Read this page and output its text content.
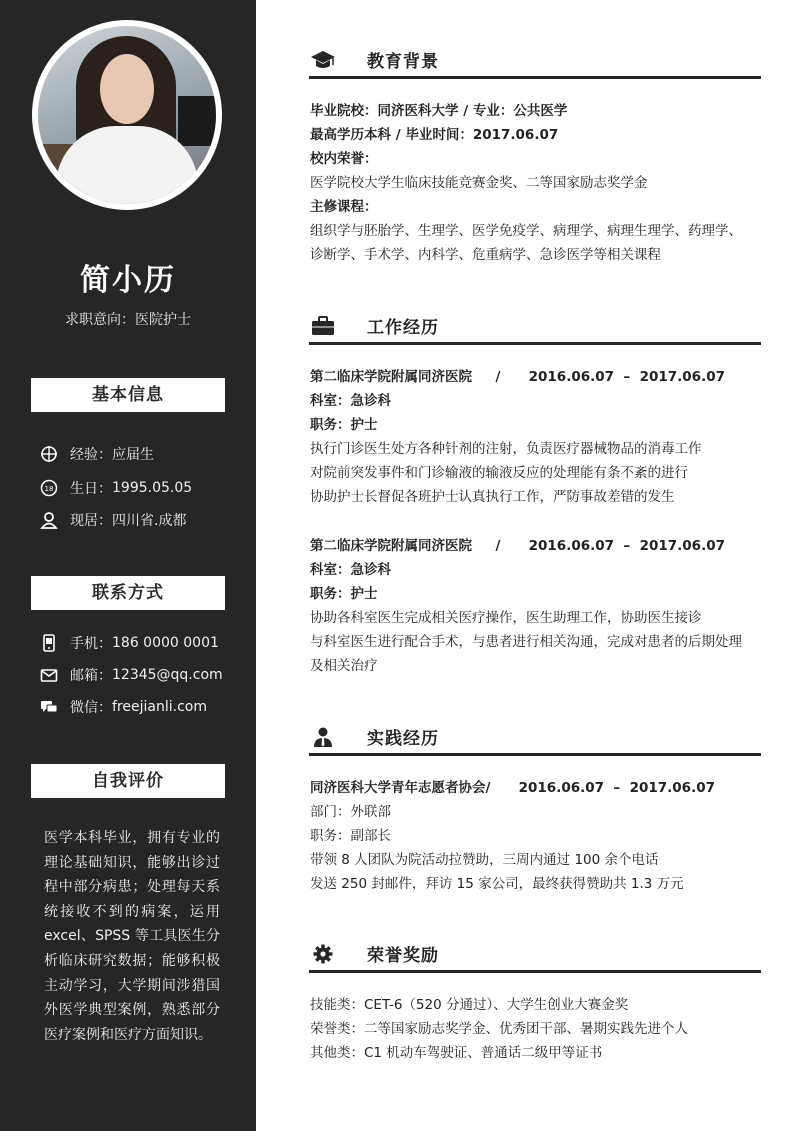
简小历
求职意向：医院护士
基本信息
经验： 应届生
18 生日： 1995.05.05
现居： 四川省.成都
联系方式
手机： 186 0000 0001
邮箱： 12345@qq.com
微信： freejianli.com
自我评价
医学本科毕业，拥有专业的理论基础知识，能够出诊过程中部分病患；处理每天系统接收不到的病案，运用excel、SPSS 等工具医生分析临床研究数据；能够积极主动学习，大学期间涉猎国外医学典型案例，熟悉部分医疗案例和医疗方面知识。
教育背景
毕业院校：同济医科大学 / 专业：公共医学
最高学历本科 / 毕业时间：2017.06.07
校内荣誉：
医学院校大学生临床技能竞赛金奖、二等国家励志奖学金
主修课程：
组织学与胚胎学、生理学、医学免疫学、病理学、病理生理学、药理学、
诊断学、手术学、内科学、危重病学、急诊医学等相关课程
工作经历
第二临床学院附属同济医院     /      2016.06.07  –  2017.06.07
科室：急诊科
职务：护士
执行门诊医生处方各种针剂的注射，负责医疗器械物品的消毒工作
对院前突发事件和门诊输液的输液反应的处理能有条不紊的进行
协助护士长督促各班护士认真执行工作，严防事故差错的发生
第二临床学院附属同济医院     /      2016.06.07  –  2017.06.07
科室：急诊科
职务：护士
协助各科室医生完成相关医疗操作，医生助理工作，协助医生接诊
与科室医生进行配合手术，与患者进行相关沟通，完成对患者的后期处理
及相关治疗
实践经历
同济医科大学青年志愿者协会/      2016.06.07  –  2017.06.07
部门：外联部
职务：副部长
带领 8 人团队为院活动拉赞助，三周内通过 100 余个电话
发送 250 封邮件，拜访 15 家公司，最终获得赞助共 1.3 万元
荣誉奖励
技能类：CET-6（520 分通过）、大学生创业大赛金奖
荣誉类：二等国家励志奖学金、优秀团干部、暑期实践先进个人
其他类：C1 机动车驾驶证、普通话二级甲等证书
